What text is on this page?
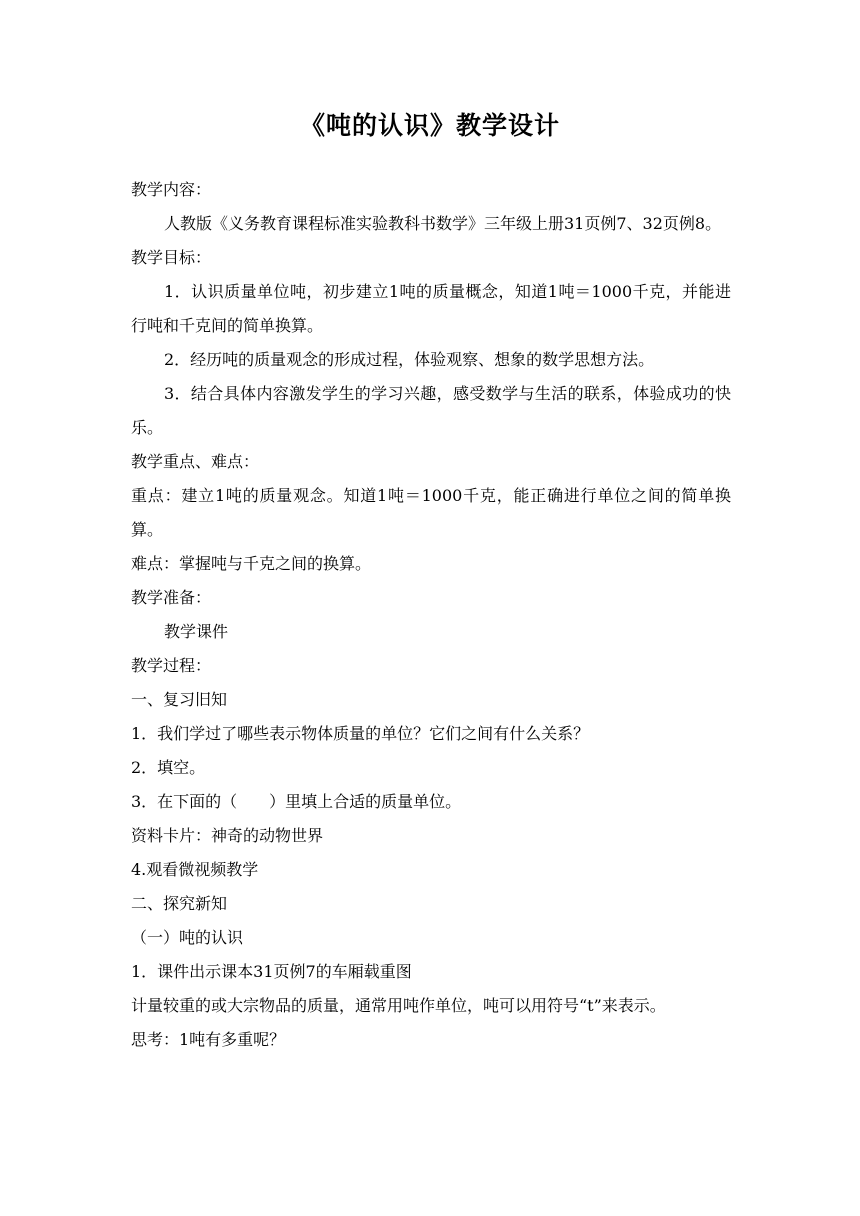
《吨的认识》教学设计
教学内容：
人教版《义务教育课程标准实验教科书数学》三年级上册31页例7、32页例8。
教学目标：
1．认识质量单位吨，初步建立1吨的质量概念，知道1吨＝1000千克，并能进行吨和千克间的简单换算。
2．经历吨的质量观念的形成过程，体验观察、想象的数学思想方法。
3．结合具体内容激发学生的学习兴趣，感受数学与生活的联系，体验成功的快乐。
教学重点、难点：
重点：建立1吨的质量观念。知道1吨＝1000千克，能正确进行单位之间的简单换算。
难点：掌握吨与千克之间的换算。
教学准备：
教学课件
教学过程：
一、复习旧知
1．我们学过了哪些表示物体质量的单位？它们之间有什么关系？
2．填空。
3．在下面的（　　）里填上合适的质量单位。
资料卡片：神奇的动物世界
4.观看微视频教学
二、探究新知
（一）吨的认识
1．课件出示课本31页例7的车厢载重图
计量较重的或大宗物品的质量，通常用吨作单位，吨可以用符号“t”来表示。
思考：1吨有多重呢？
